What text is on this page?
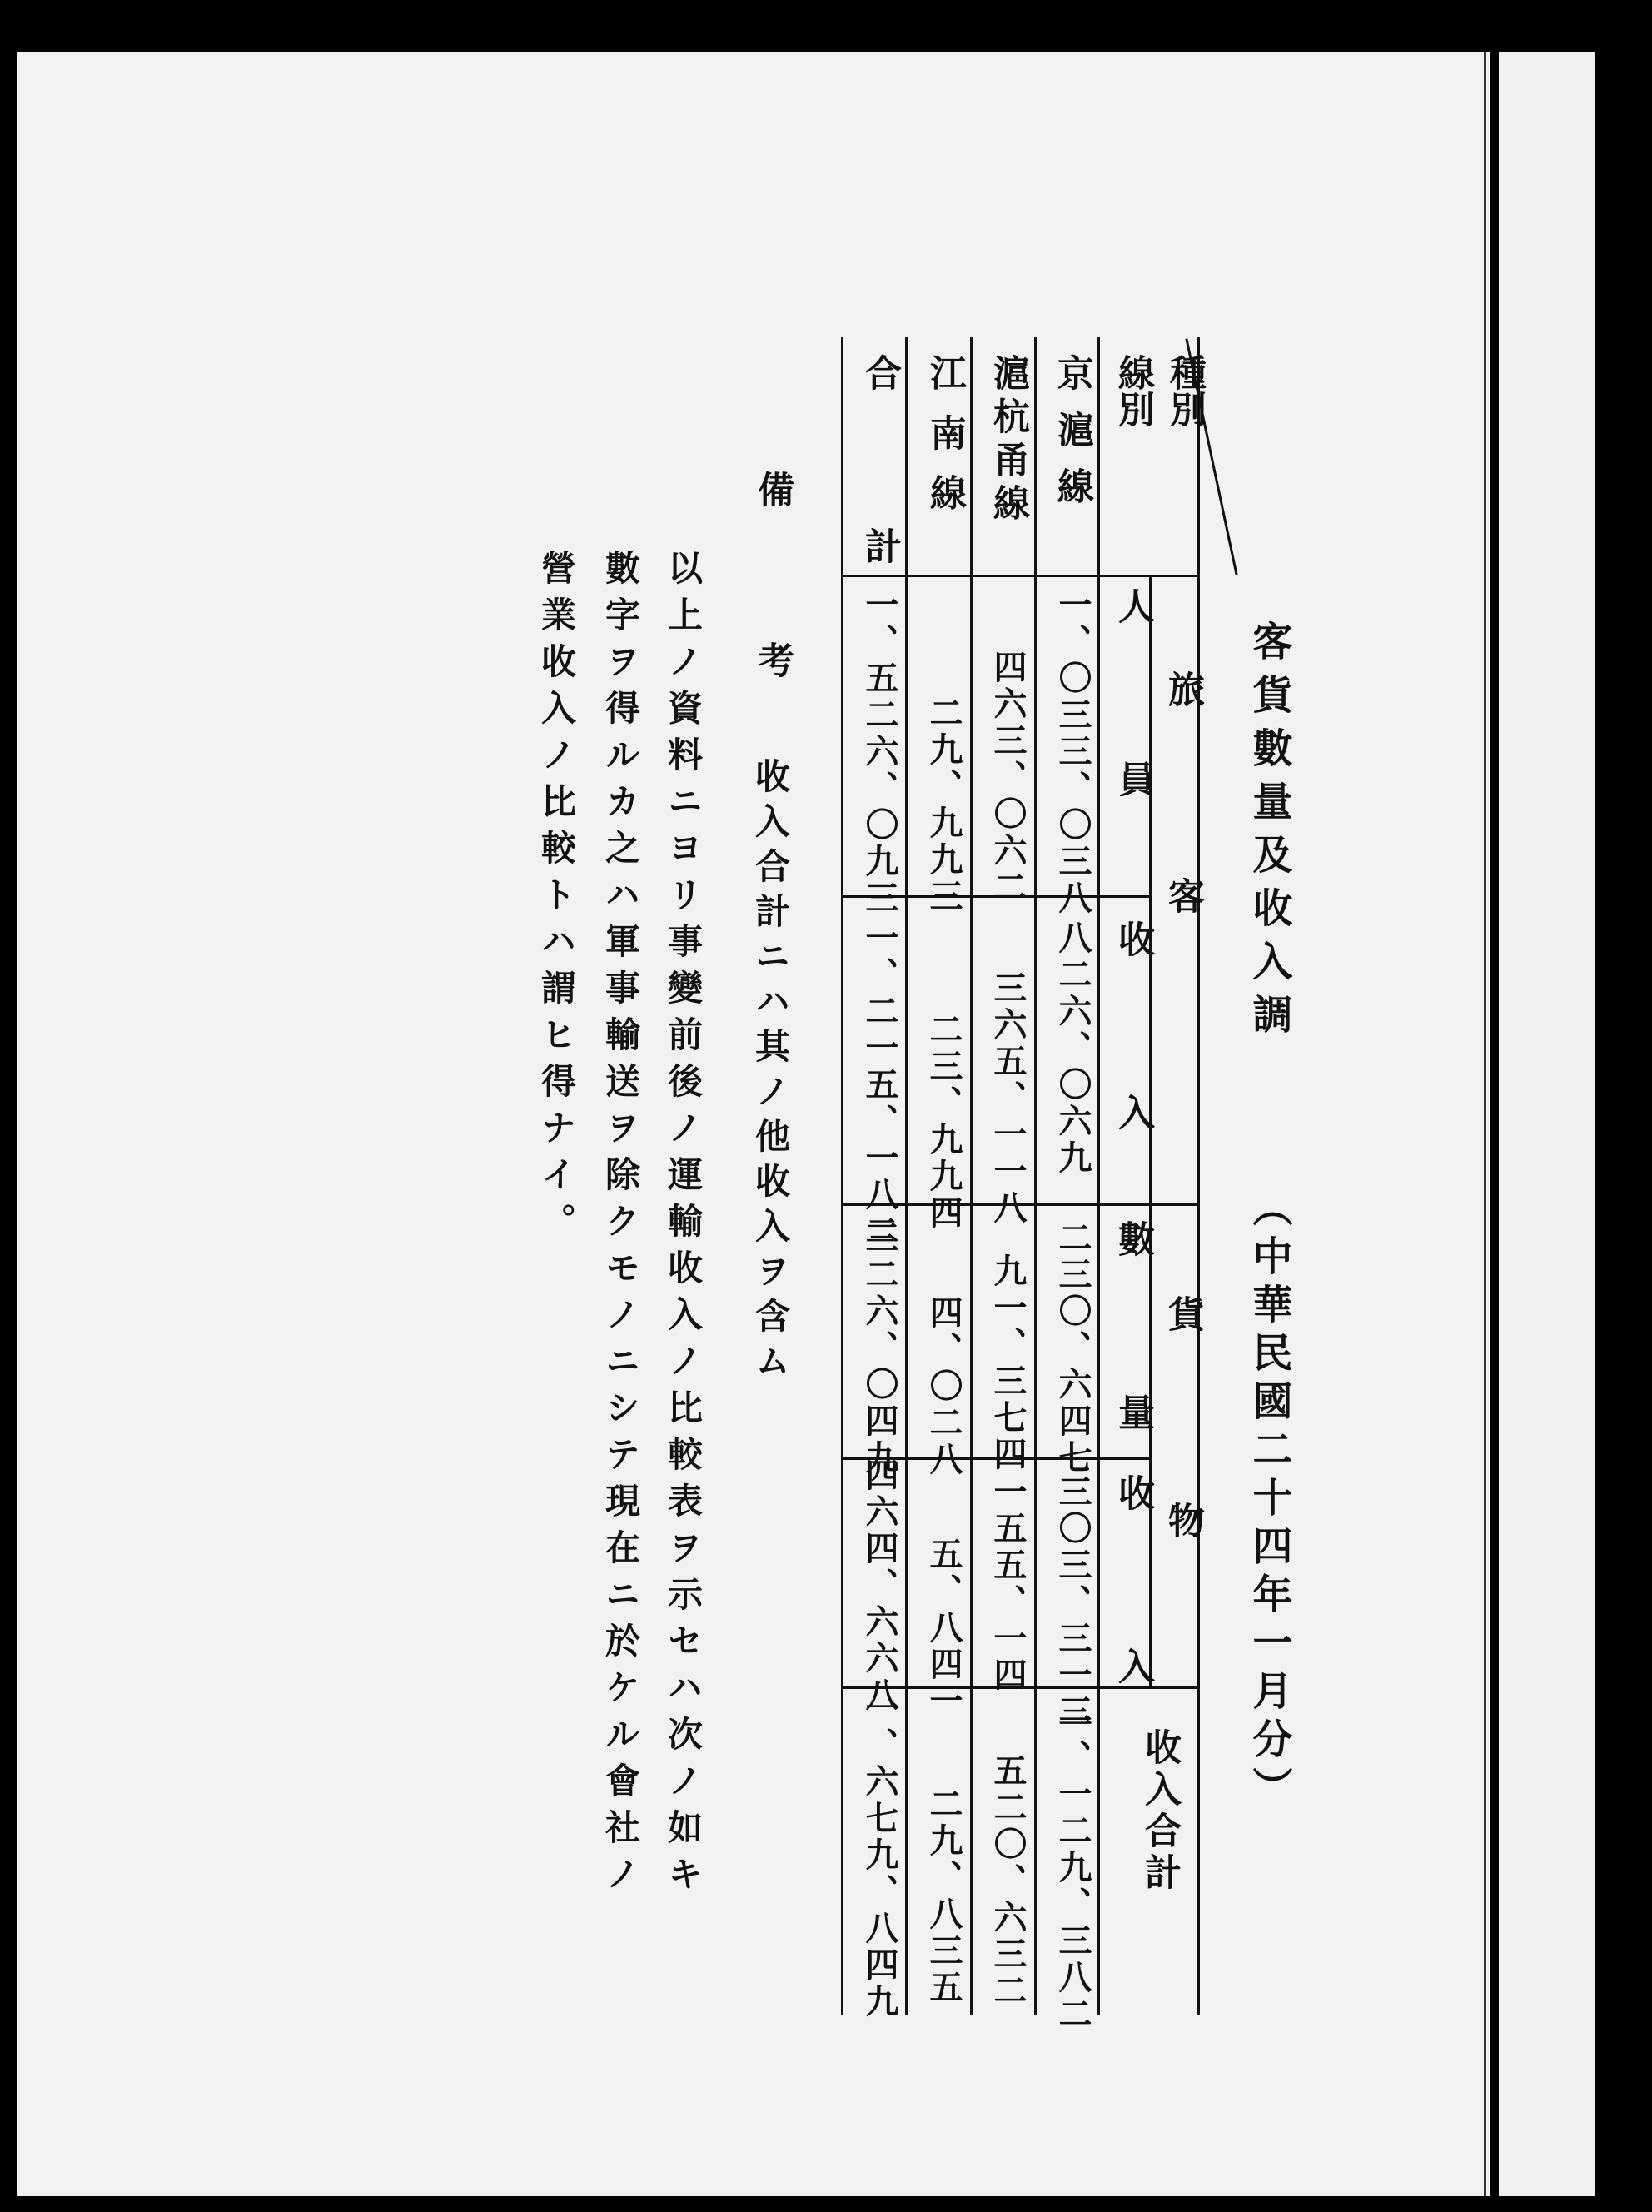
客貨數量及收入調
（中華民國二十四年一月分）
種別
線別
旅　客
貨　物
人　員
收　入
數　量
收　入
收入合計
京滬線
一、〇三三、〇三八
八二六、〇六九
二三〇、六四七
三〇三、三一三
一、一二九、三八二
滬杭甬線
四六三、〇六二
三六五、一一八
九一、三七四
一五五、一四
五二〇、六三二
江南線
二九、九九三
二三、九九四
四、〇二八
五、八四一
二九、八三五
合　計
一、五二六、〇九三
一、二一五、一八二
三二六、〇四九
四六四、六六八
一、六七九、八四九
備
考
收入合計ニハ其ノ他收入ヲ含ム
以上ノ資料ニヨリ事變前後ノ運輸收入ノ比較表ヲ示セハ次ノ如キ
數字ヲ得ルカ之ハ軍事輸送ヲ除クモノニシテ現在ニ於ケル會社ノ
營業收入ノ比較トハ謂ヒ得ナイ。
